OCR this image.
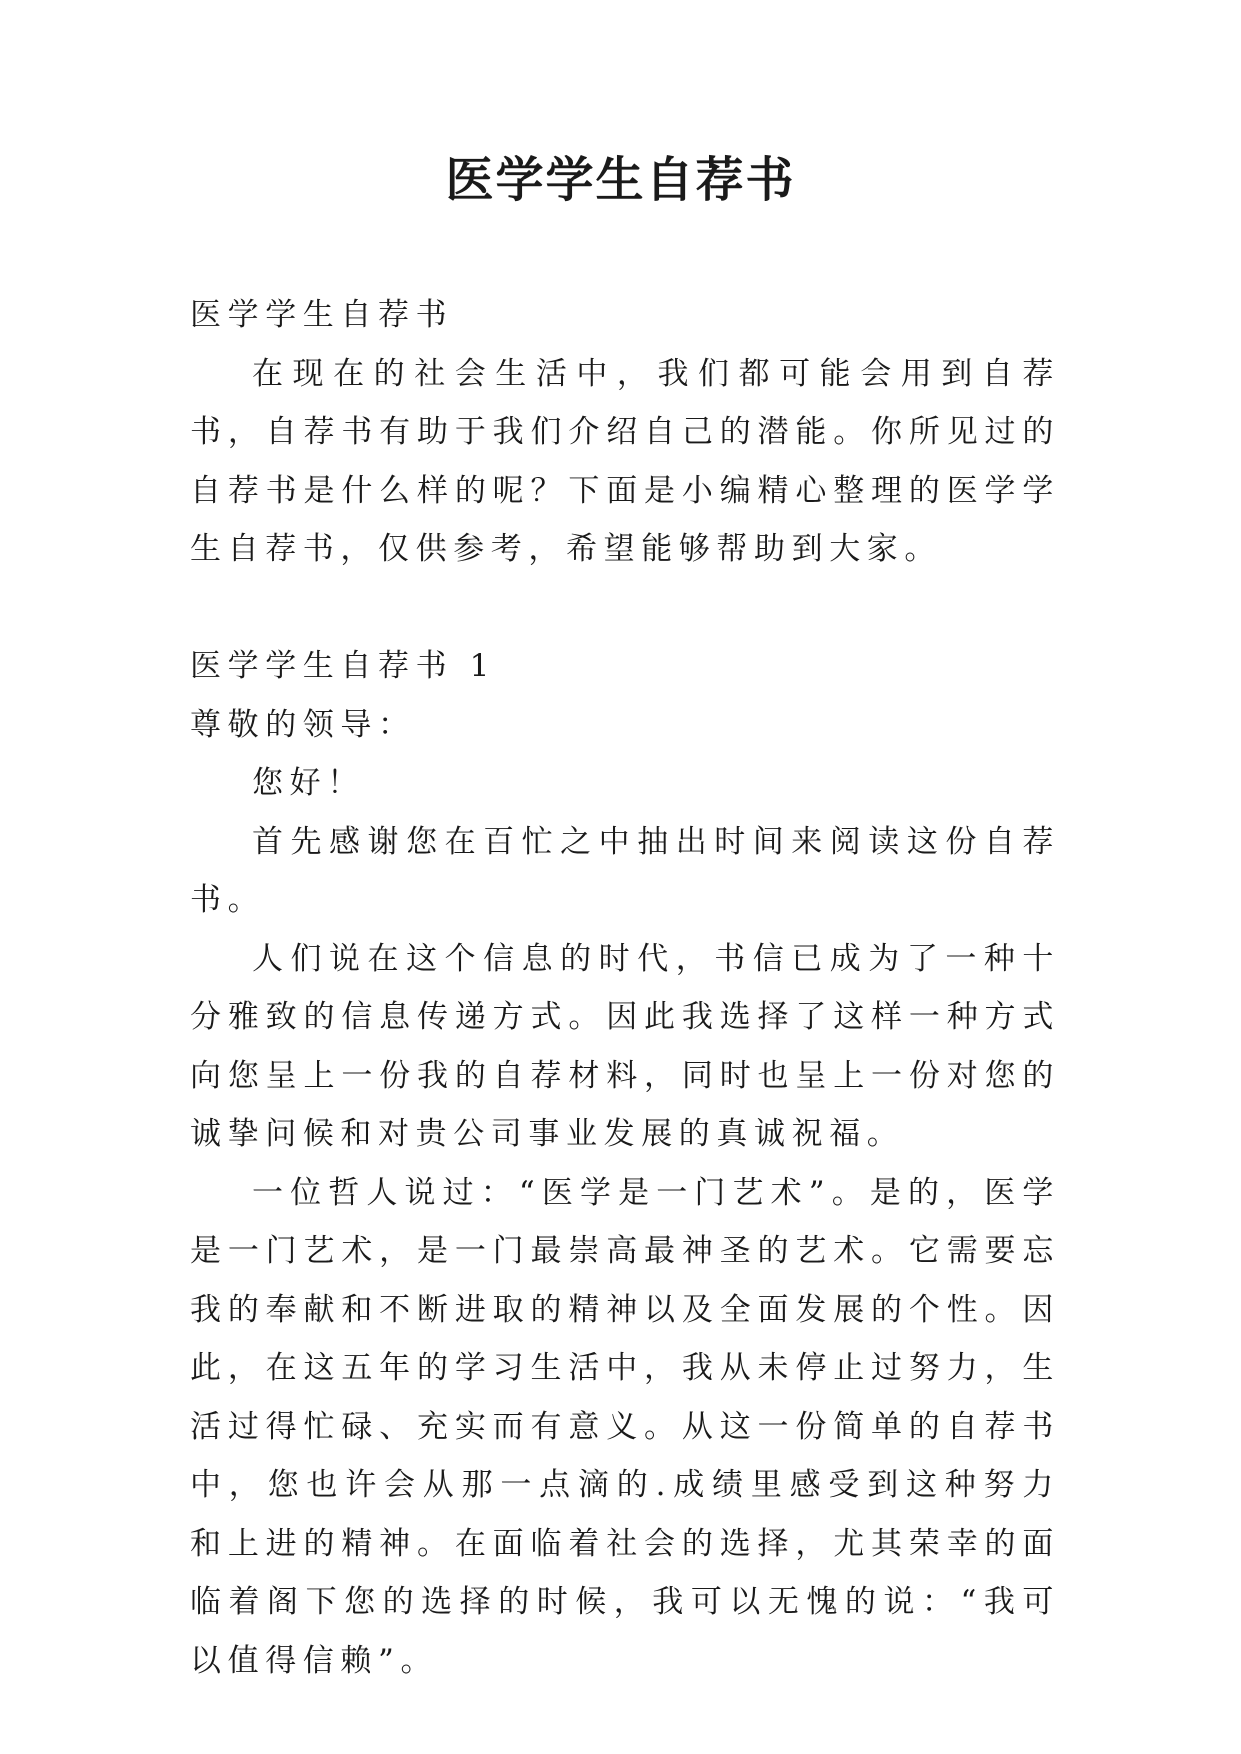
医学学生自荐书

医学学生自荐书

在现在的社会生活中，我们都可能会用到自荐书，自荐书有助于我们介绍自己的潜能。你所见过的自荐书是什么样的呢？下面是小编精心整理的医学学生自荐书，仅供参考，希望能够帮助到大家。

医学学生自荐书 1

尊敬的领导：

您好！

首先感谢您在百忙之中抽出时间来阅读这份自荐书。

人们说在这个信息的时代，书信已成为了一种十分雅致的信息传递方式。因此我选择了这样一种方式向您呈上一份我的自荐材料，同时也呈上一份对您的诚挚问候和对贵公司事业发展的真诚祝福。

一位哲人说过：“医学是一门艺术”。是的，医学是一门艺术，是一门最崇高最神圣的艺术。它需要忘我的奉献和不断进取的精神以及全面发展的个性。因此，在这五年的学习生活中，我从未停止过努力，生活过得忙碌、充实而有意义。从这一份简单的自荐书中，您也许会从那一点滴的.成绩里感受到这种努力和上进的精神。在面临着社会的选择，尤其荣幸的面临着阁下您的选择的时候，我可以无愧的说：“我可以值得信赖”。
